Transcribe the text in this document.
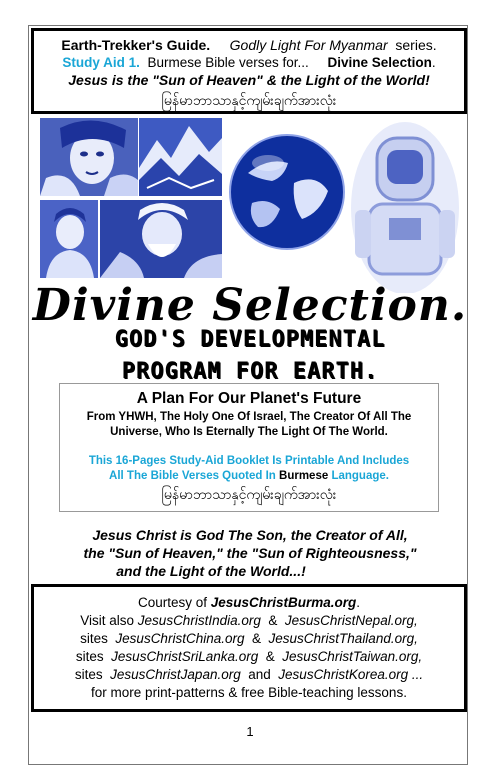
Earth-Trekker's Guide. Godly Light For Myanmar series.
Study Aid 1. Burmese Bible verses for... Divine Selection.
Jesus is the "Sun of Heaven" & the Light of the World!
မြန်မာဘာသာနှင့်ကျမ်းချက်အားလုံး
Divine Selection.
GOD'S DEVELOPMENTAL
PROGRAM FOR EARTH.
A Plan For Our Planet's Future
From YHWH, The Holy One Of Israel, The Creator Of All The
Universe, Who Is Eternally The Light Of The World.
This 16-Pages Study-Aid Booklet Is Printable And Includes
All The Bible Verses Quoted In Burmese Language.
မြန်မာဘာသာနှင့်ကျမ်းချက်အားလုံး
Jesus Christ is God The Son, the Creator of All,
the "Sun of Heaven," the "Sun of Righteousness,"
and the Light of the World...!
Courtesy of JesusChristBurma.org.
Visit also JesusChristIndia.org & JesusChristNepal.org,
sites JesusChristChina.org & JesusChristThailand.org,
sites JesusChristSriLanka.org & JesusChristTaiwan.org,
sites JesusChristJapan.org and JesusChristKorea.org ...
for more print-patterns & free Bible-teaching lessons.
1
